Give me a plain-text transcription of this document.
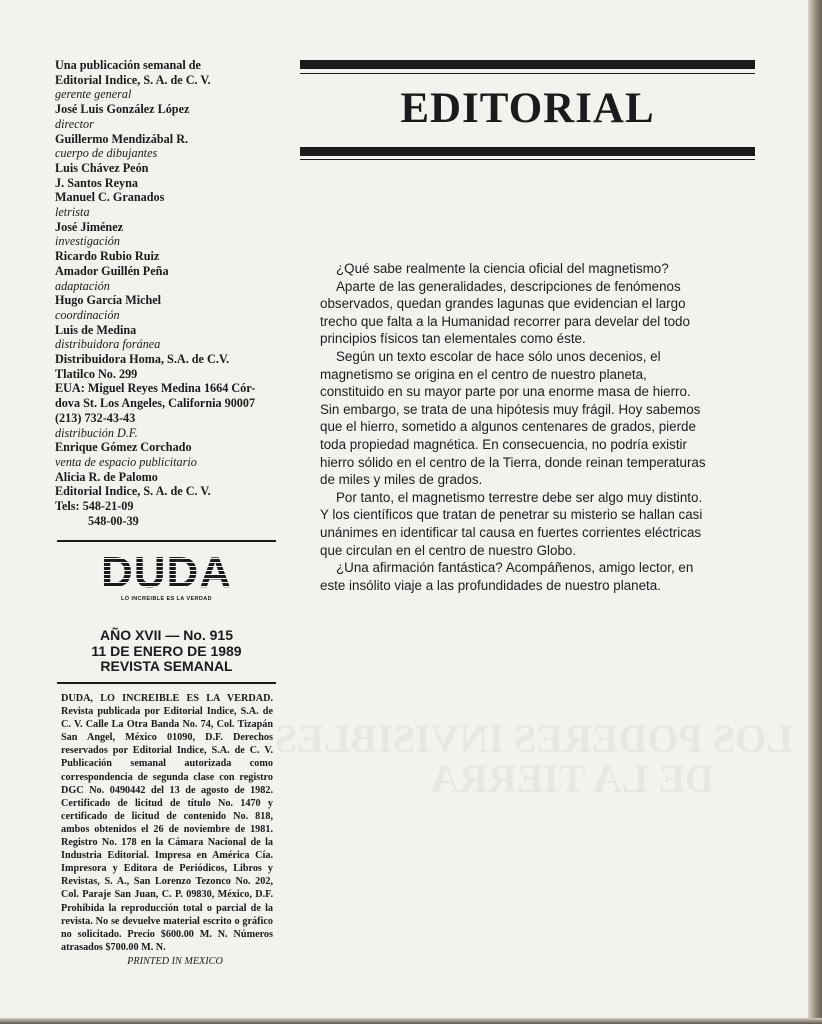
Una publicación semanal de
Editorial Indice, S. A. de C. V.
gerente general
José Luis González López
director
Guillermo Mendizábal R.
cuerpo de dibujantes
Luis Chávez Peón
J. Santos Reyna
Manuel C. Granados
letrista
José Jiménez
investigación
Ricardo Rubio Ruiz
Amador Guillén Peña
adaptación
Hugo García Michel
coordinación
Luis de Medina
distribuidora foránea
Distribuidora Homa, S.A. de C.V.
Tlatilco No. 299
EUA: Miguel Reyes Medina 1664 Cór-
dova St. Los Angeles, California 90007
(213) 732-43-43
distribución D.F.
Enrique Gómez Corchado
venta de espacio publicitario
Alicia R. de Palomo
Editorial Indice, S. A. de C. V.
Tels: 548-21-09
548-00-39
DUDA
LO INCREIBLE ES LA VERDAD
AÑO XVII — No. 915
11 DE ENERO DE 1989
REVISTA SEMANAL
DUDA, LO INCREIBLE ES LA VERDAD. Revista publicada por Editorial Indice, S.A. de C. V. Calle La Otra Banda No. 74, Col. Tizapán San Angel, México 01090, D.F. Derechos reservados por Editorial Indice, S.A. de C. V. Publicación semanal autorizada como correspondencia de segunda clase con registro DGC No. 0490442 del 13 de agosto de 1982. Certificado de licitud de título No. 1470 y certificado de licitud de contenido No. 818, ambos obtenidos el 26 de noviembre de 1981. Registro No. 178 en la Cámara Nacional de la Industria Editorial. Impresa en América Cía. Impresora y Editora de Periódicos, Libros y Revistas, S. A., San Lorenzo Tezonco No. 202, Col. Paraje San Juan, C. P. 09830, México, D.F. Prohibida la reproducción total o parcial de la revista. No se devuelve material escrito o gráfico no solicitado. Precio $600.00 M. N. Números atrasados $700.00 M. N.
PRINTED IN MEXICO
EDITORIAL

¿Qué sabe realmente la ciencia oficial del magnetismo?

Aparte de las generalidades, descripciones de fenómenos observados, quedan grandes lagunas que evidencian el largo trecho que falta a la Humanidad recorrer para develar del todo principios físicos tan elementales como éste.

Según un texto escolar de hace sólo unos decenios, el magnetismo se origina en el centro de nuestro planeta, constituido en su mayor parte por una enorme masa de hierro. Sin embargo, se trata de una hipótesis muy frágil. Hoy sabemos que el hierro, sometido a algunos centenares de grados, pierde toda propiedad magnética. En consecuencia, no podría existir hierro sólido en el centro de la Tierra, donde reinan temperaturas de miles y miles de grados.

Por tanto, el magnetismo terrestre debe ser algo muy distinto. Y los científicos que tratan de penetrar su misterio se hallan casi unánimes en identificar tal causa en fuertes corrientes eléctricas que circulan en el centro de nuestro Globo.

¿Una afirmación fantástica? Acompáñenos, amigo lector, en este insólito viaje a las profundidades de nuestro planeta.
